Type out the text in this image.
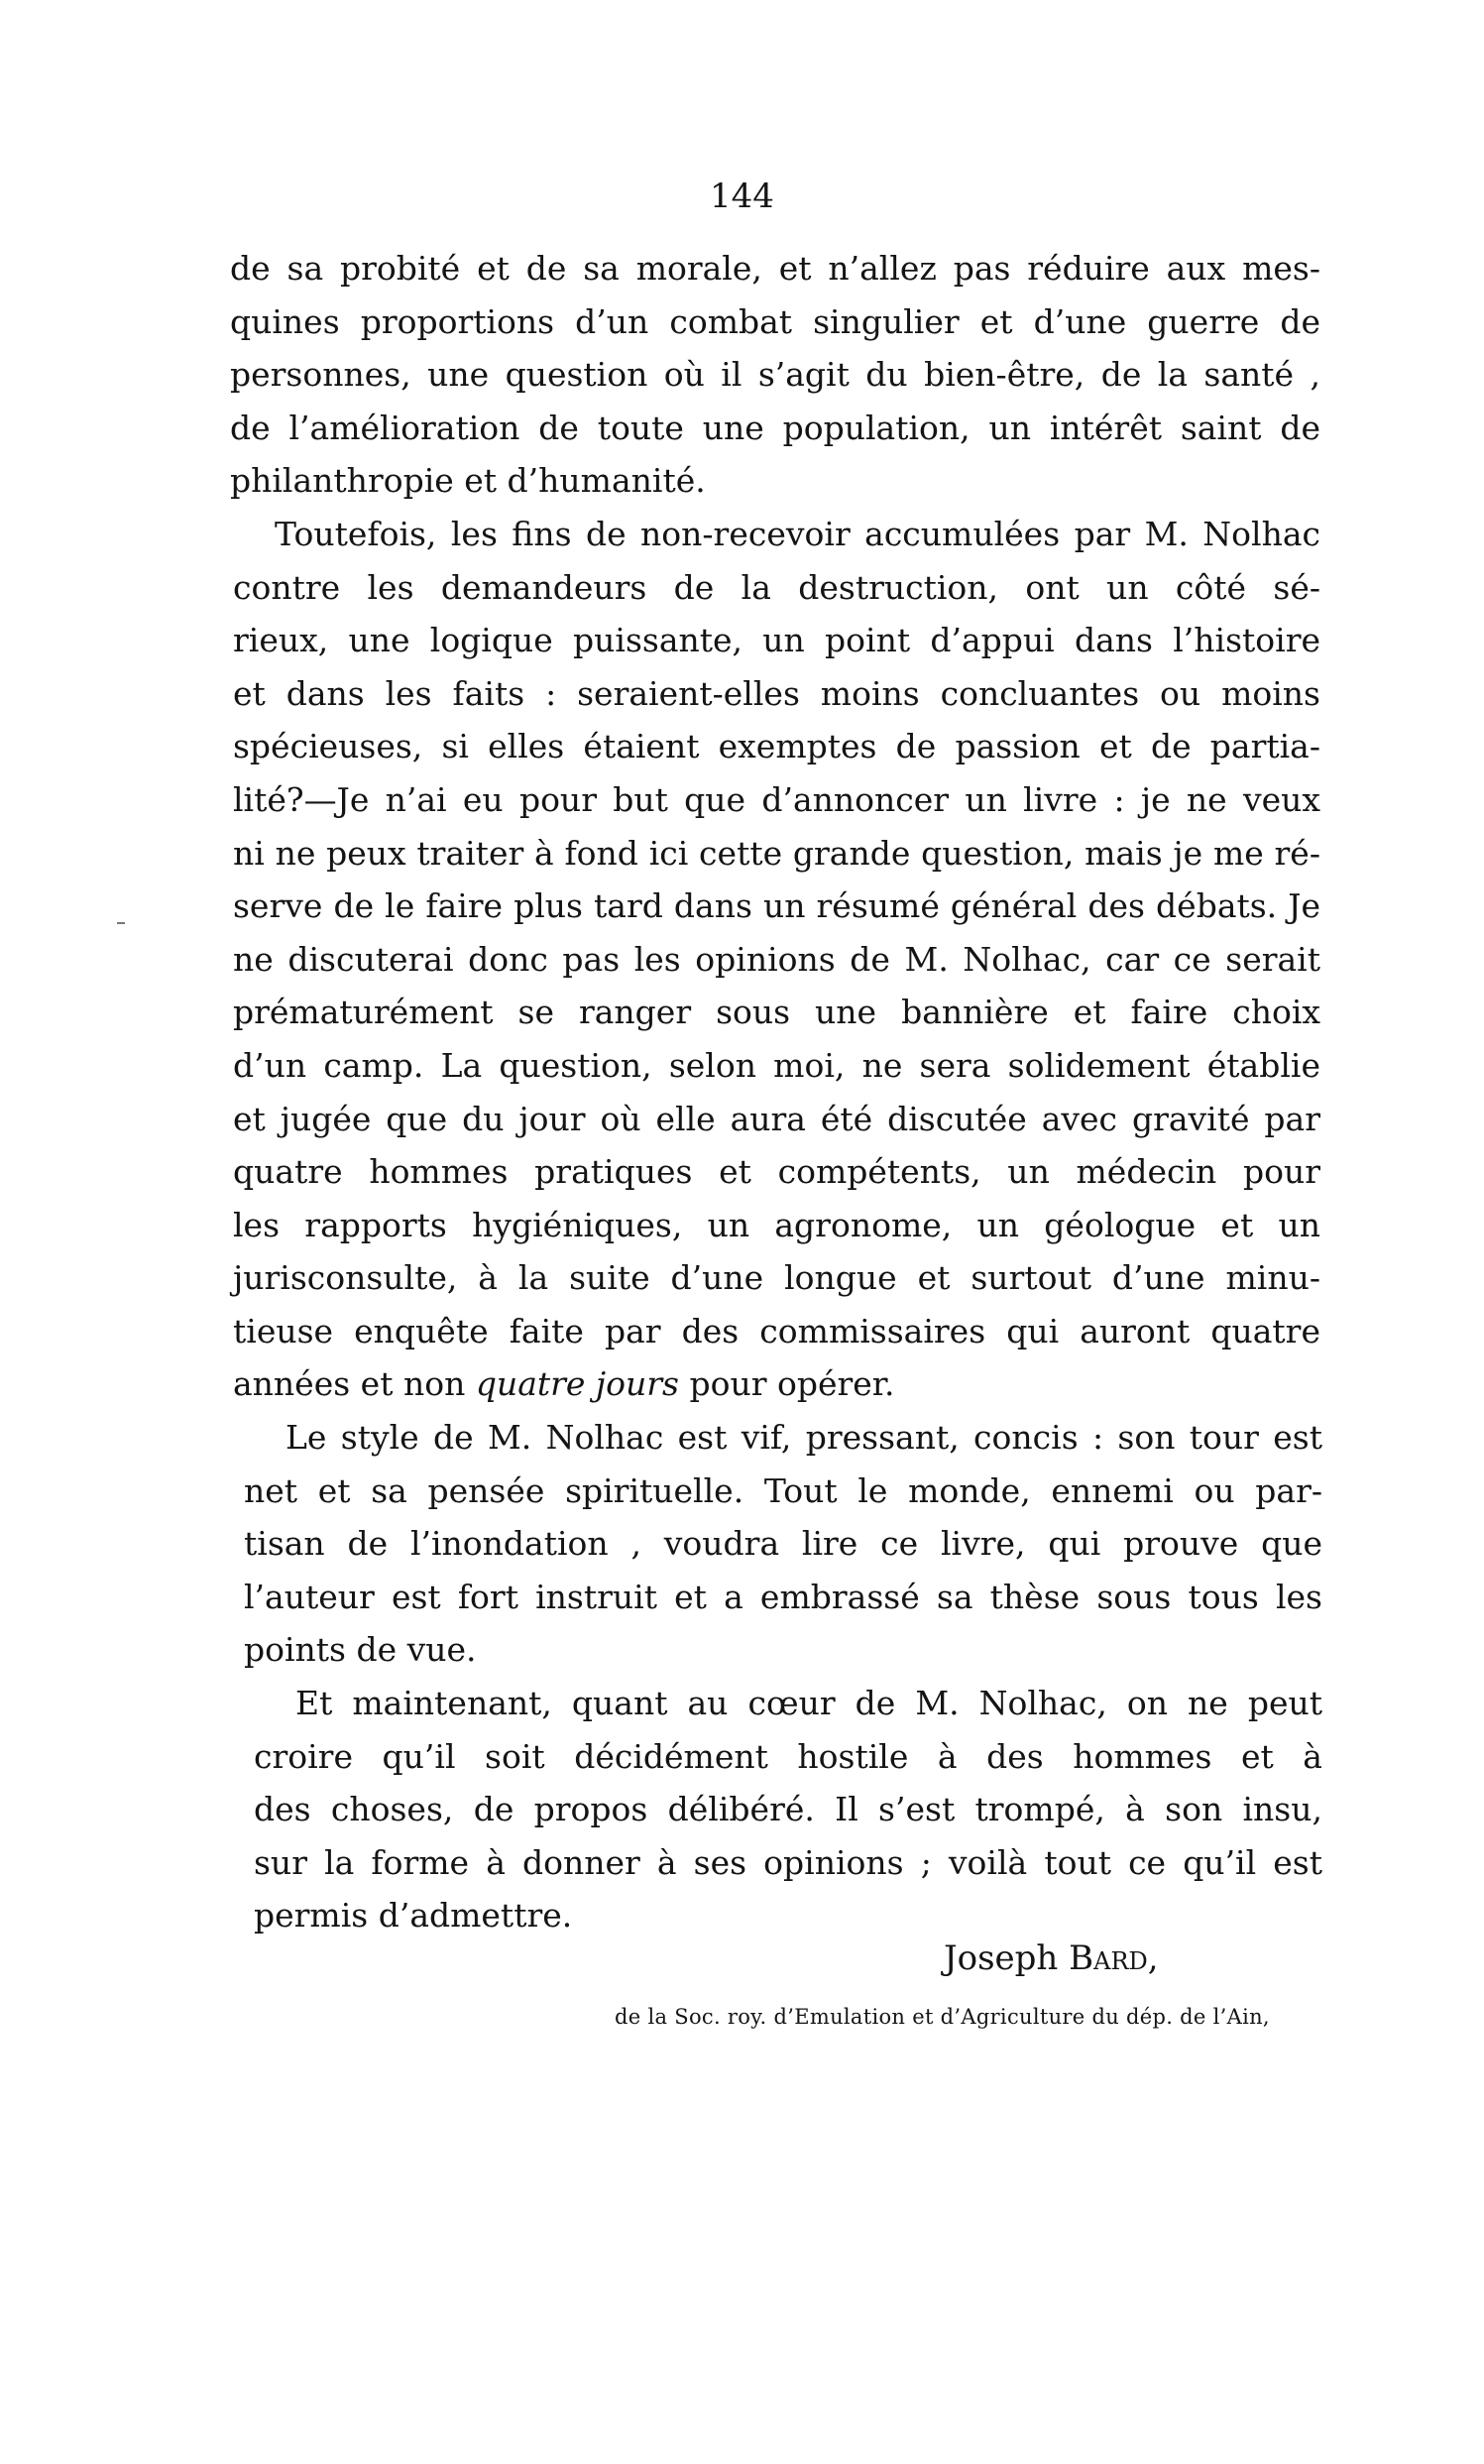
144
de sa probité et de sa morale, et n’allez pas réduire aux mes-
quines proportions d’un combat singulier et d’une guerre de
personnes, une question où il s’agit du bien-être, de la santé ,
de l’amélioration de toute une population, un intérêt saint de
philanthropie et d’humanité.
Toutefois, les fins de non-recevoir accumulées par M. Nolhac
contre les demandeurs de la destruction, ont un côté sé-
rieux, une logique puissante, un point d’appui dans l’histoire
et dans les faits : seraient-elles moins concluantes ou moins
spécieuses, si elles étaient exemptes de passion et de partia-
lité?—Je n’ai eu pour but que d’annoncer un livre : je ne veux
ni ne peux traiter à fond ici cette grande question, mais je me ré-
serve de le faire plus tard dans un résumé général des débats. Je
ne discuterai donc pas les opinions de M. Nolhac, car ce serait
prématurément se ranger sous une bannière et faire choix
d’un camp. La question, selon moi, ne sera solidement établie
et jugée que du jour où elle aura été discutée avec gravité par
quatre hommes pratiques et compétents, un médecin pour
les rapports hygiéniques, un agronome, un géologue et un
jurisconsulte, à la suite d’une longue et surtout d’une minu-
tieuse enquête faite par des commissaires qui auront quatre
années et non quatre jours pour opérer.
Le style de M. Nolhac est vif, pressant, concis : son tour est
net et sa pensée spirituelle. Tout le monde, ennemi ou par-
tisan de l’inondation , voudra lire ce livre, qui prouve que
l’auteur est fort instruit et a embrassé sa thèse sous tous les
points de vue.
Et maintenant, quant au cœur de M. Nolhac, on ne peut
croire qu’il soit décidément hostile à des hommes et à
des choses, de propos délibéré. Il s’est trompé, à son insu,
sur la forme à donner à ses opinions ; voilà tout ce qu’il est
permis d’admettre.
Joseph Bard,
de la Soc. roy. d’Emulation et d’Agriculture du dép. de l’Ain,
